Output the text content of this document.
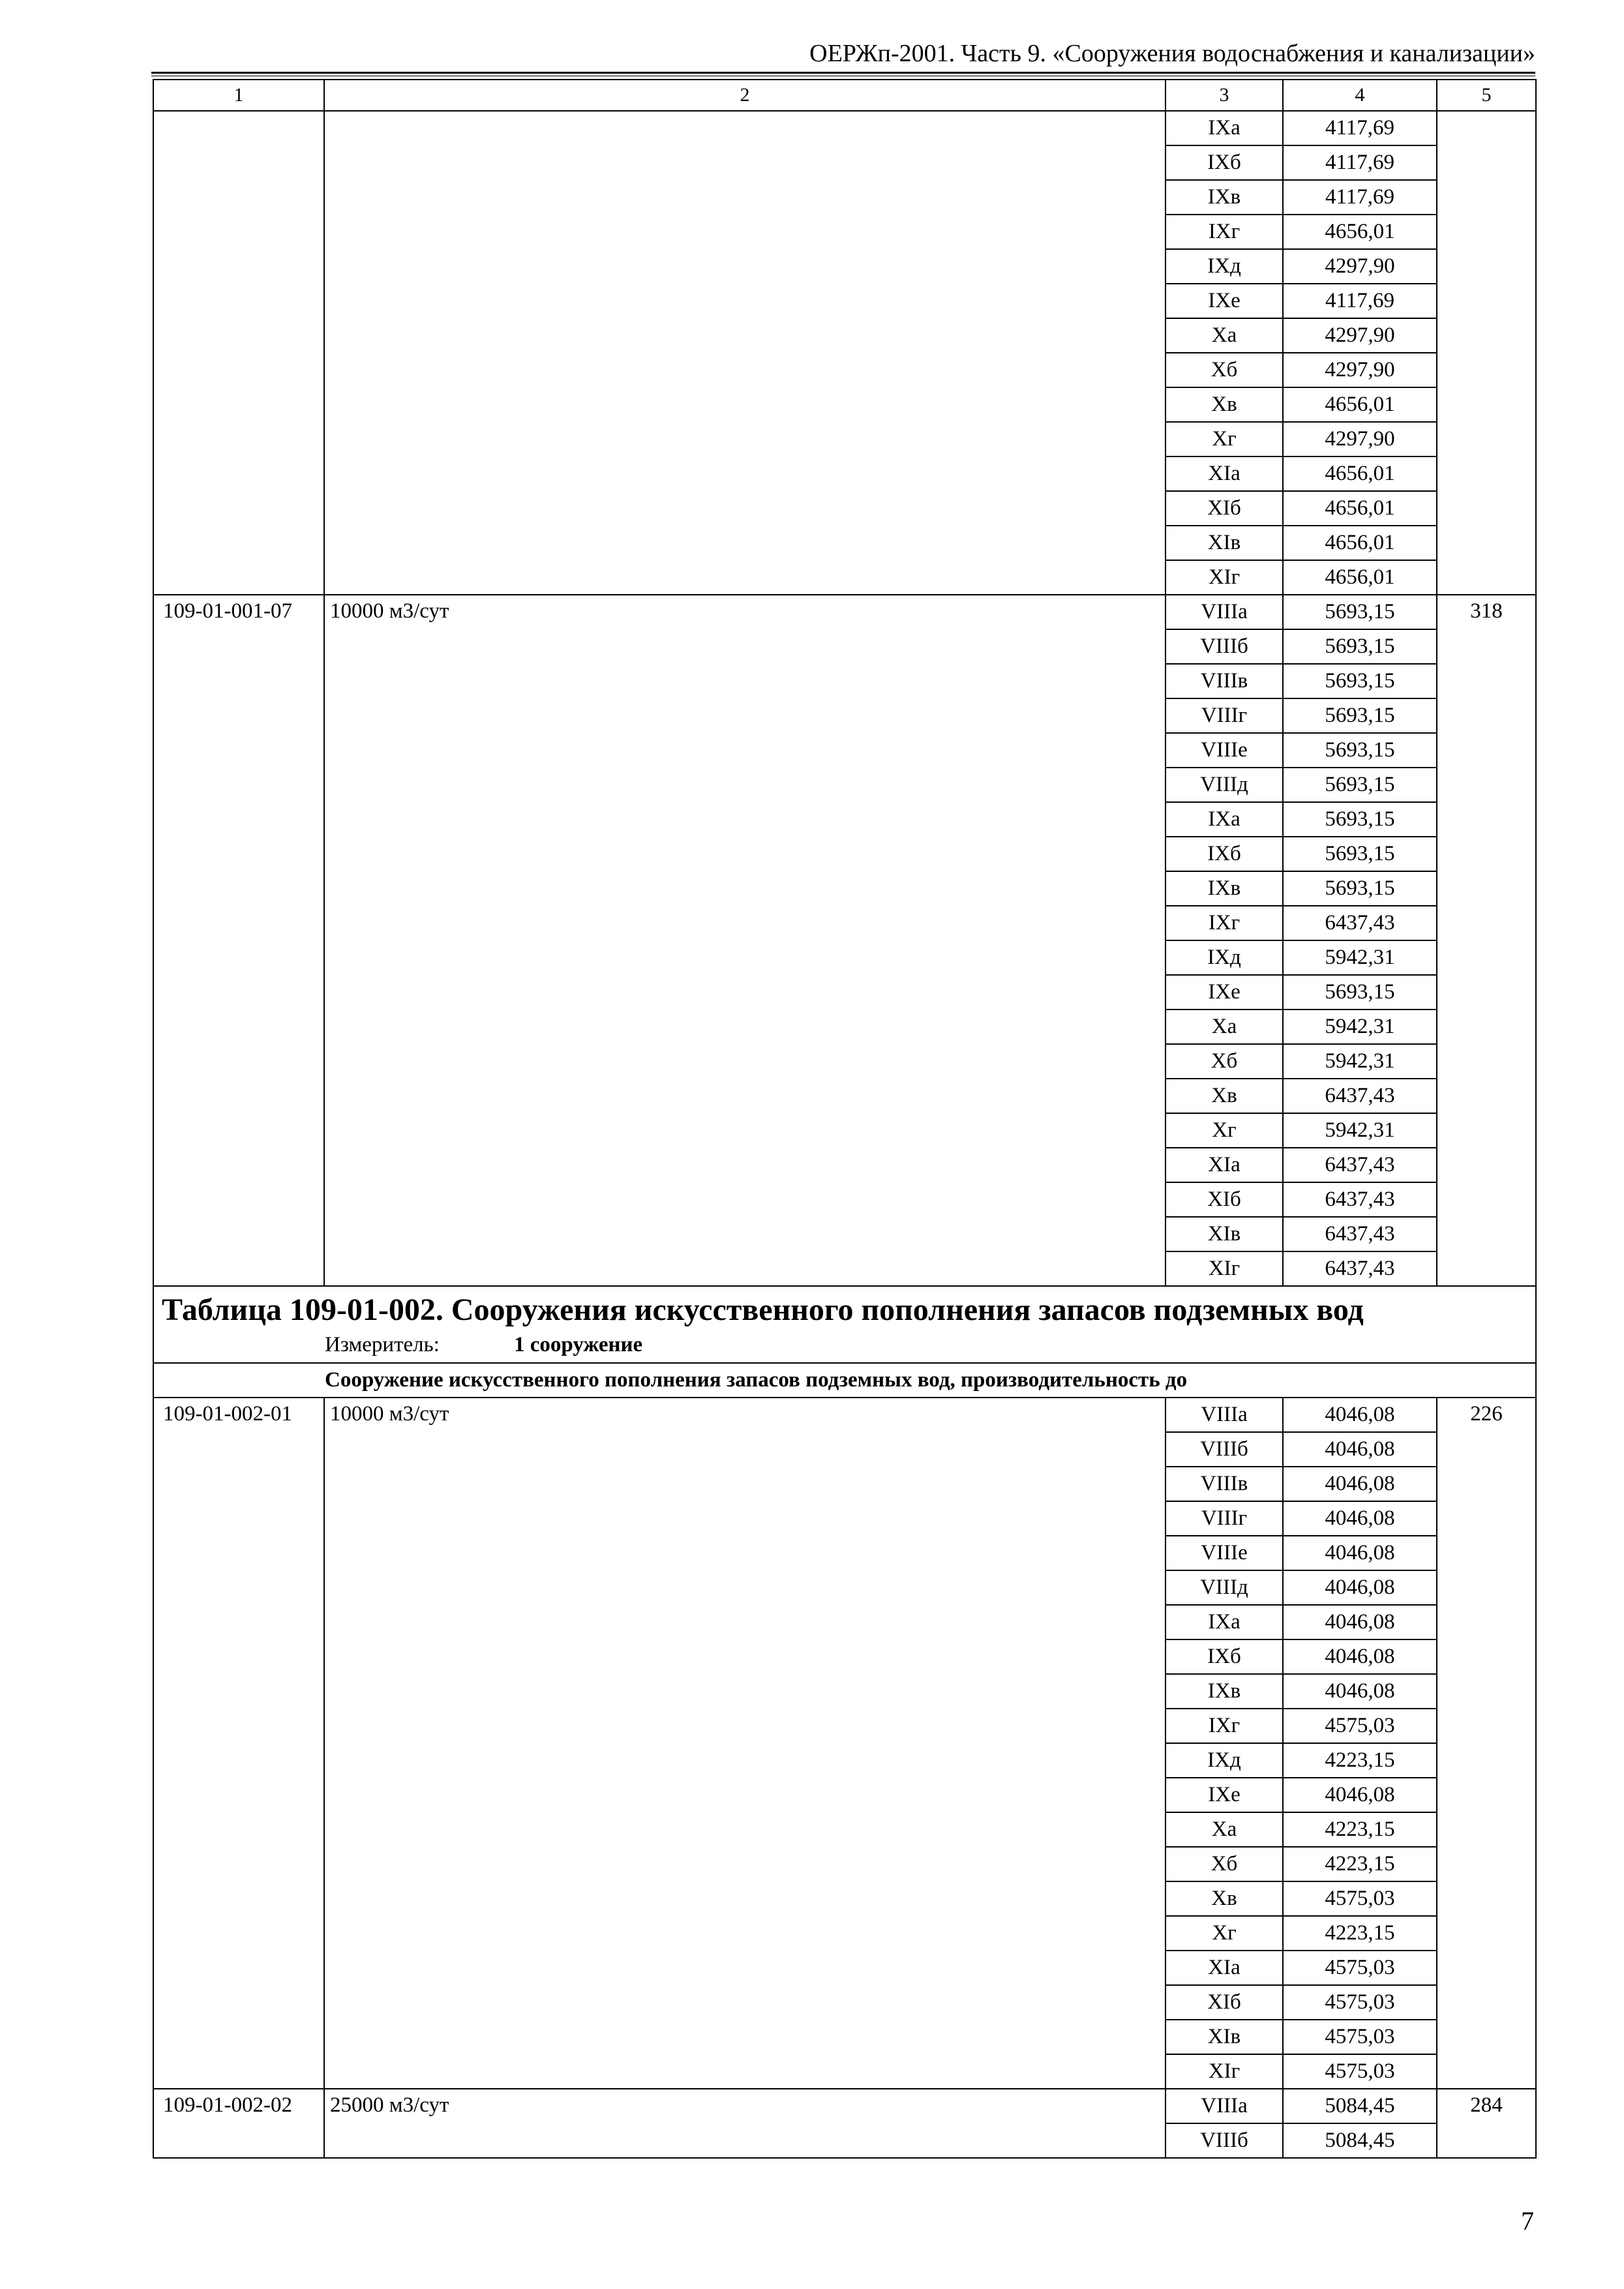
ОЕРЖп-2001. Часть 9. «Сооружения водоснабжения и канализации»
1	2	3	4	5
		IXа	4117,69	
		IXб	4117,69	
		IXв	4117,69	
		IXг	4656,01	
		IXд	4297,90	
		IXе	4117,69	
		Xа	4297,90	
		Xб	4297,90	
		Xв	4656,01	
		Xг	4297,90	
		XIа	4656,01	
		XIб	4656,01	
		XIв	4656,01	
		XIг	4656,01	
109-01-001-07	10000 м3/сут	VIIIа	5693,15	318
		VIIIб	5693,15	
		VIIIв	5693,15	
		VIIIг	5693,15	
		VIIIе	5693,15	
		VIIIд	5693,15	
		IXа	5693,15	
		IXб	5693,15	
		IXв	5693,15	
		IXг	6437,43	
		IXд	5942,31	
		IXе	5693,15	
		Xа	5942,31	
		Xб	5942,31	
		Xв	6437,43	
		Xг	5942,31	
		XIа	6437,43	
		XIб	6437,43	
		XIв	6437,43	
		XIг	6437,43	

Таблица 109-01-002. Сооружения искусственного пополнения запасов подземных вод
Измеритель: 1 сооружение				

Сооружение искусственного пополнения запасов подземных вод, производительность до				
109-01-002-01	10000 м3/сут	VIIIа	4046,08	226
		VIIIб	4046,08	
		VIIIв	4046,08	
		VIIIг	4046,08	
		VIIIе	4046,08	
		VIIIд	4046,08	
		IXа	4046,08	
		IXб	4046,08	
		IXв	4046,08	
		IXг	4575,03	
		IXд	4223,15	
		IXе	4046,08	
		Xа	4223,15	
		Xб	4223,15	
		Xв	4575,03	
		Xг	4223,15	
		XIа	4575,03	
		XIб	4575,03	
		XIв	4575,03	
		XIг	4575,03	
109-01-002-02	25000 м3/сут	VIIIа	5084,45	284
		VIIIб	5084,45	
7
